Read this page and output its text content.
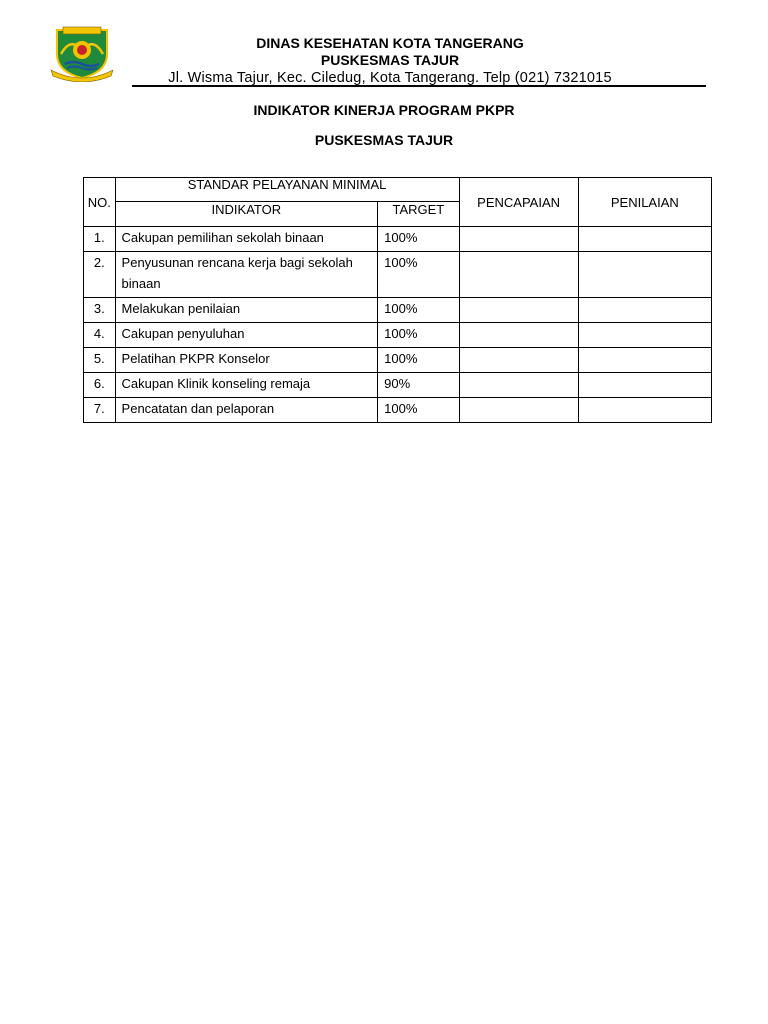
DINAS KESEHATAN KOTA TANGERANG
PUSKESMAS TAJUR
Jl. Wisma Tajur, Kec. Ciledug, Kota Tangerang. Telp (021) 7321015
INDIKATOR KINERJA PROGRAM PKPR
PUSKESMAS TAJUR
NO.	STANDAR PELAYANAN MINIMAL		PENCAPAIAN	PENILAIAN
	INDIKATOR	TARGET		
1.	Cakupan pemilihan sekolah binaan	100%		
2.	Penyusunan rencana kerja bagi sekolah binaan	100%		
3.	Melakukan penilaian	100%		
4.	Cakupan penyuluhan	100%		
5.	Pelatihan PKPR Konselor	100%		
6.	Cakupan Klinik konseling remaja	90%		
7.	Pencatatan dan pelaporan	100%		
